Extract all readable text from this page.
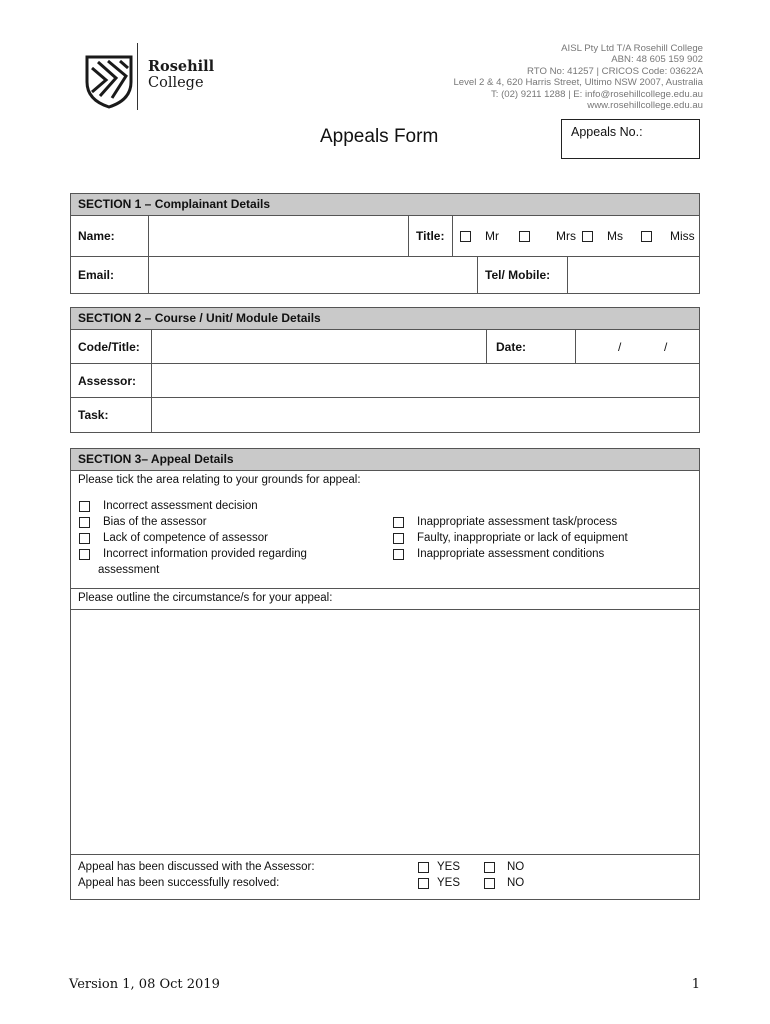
Rosehill
College
AISL Pty Ltd T/A Rosehill College
ABN: 48 605 159 902
RTO No: 41257 | CRICOS Code: 03622A
Level 2 & 4, 620 Harris Street, Ultimo NSW 2007, Australia
T: (02) 9211 1288 | E: info@rosehillcollege.edu.au
www.rosehillcollege.edu.au
Appeals Form	Appeals No.:
SECTION 1 – Complainant Details
Name:	Title:	Mr	Mrs	Ms	Miss
Email:	Tel/ Mobile:
SECTION 2 – Course / Unit/ Module Details
Code/Title:	Date:	/	/
Assessor:
Task:
SECTION 3– Appeal Details
Please tick the area relating to your grounds for appeal:
Incorrect assessment decision
Bias of the assessor
Lack of competence of assessor
Incorrect information provided regarding
assessment
Inappropriate assessment task/process
Faulty, inappropriate or lack of equipment
Inappropriate assessment conditions
Please outline the circumstance/s for your appeal:
Appeal has been discussed with the Assessor:	YES	NO
Appeal has been successfully resolved:	YES	NO
Version 1, 08 Oct 2019	1
